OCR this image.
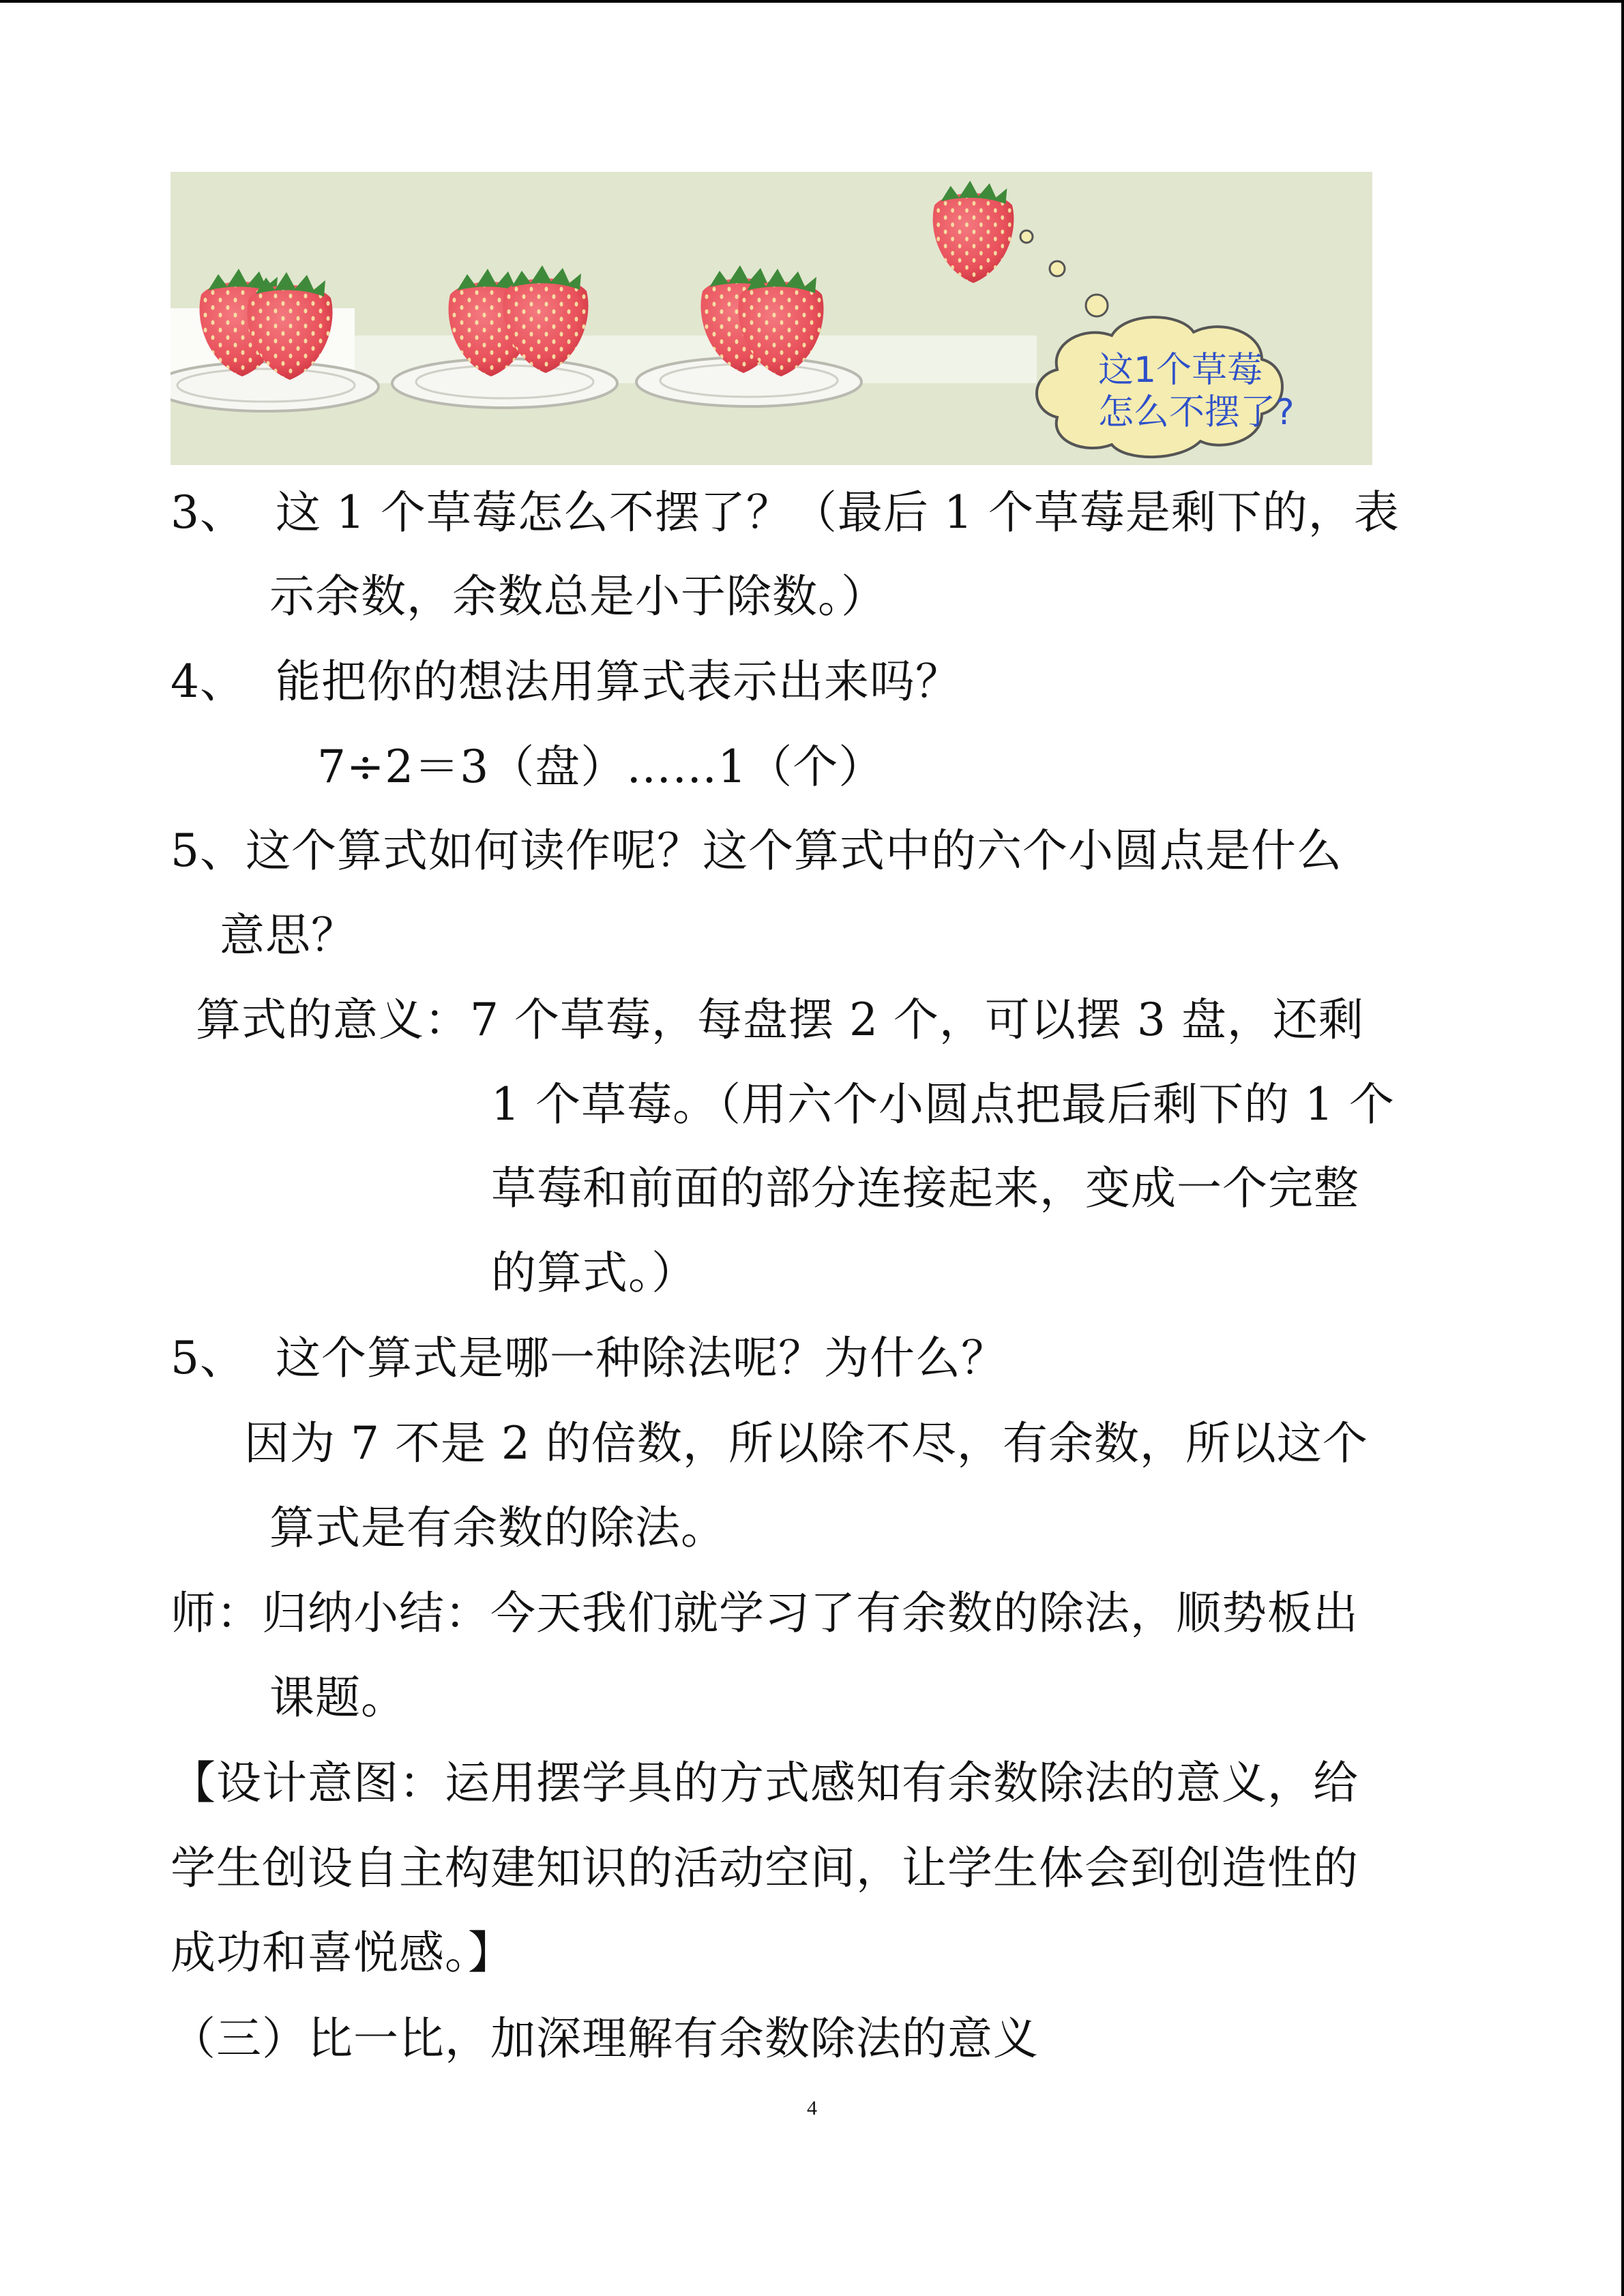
这1个草莓
怎么不摆了?
3、  这 1 个草莓怎么不摆了？（最后 1 个草莓是剩下的，表
示余数，余数总是小于除数。）
4、  能把你的想法用算式表示出来吗？
7÷2＝3（盘）……1（个）
5、这个算式如何读作呢？这个算式中的六个小圆点是什么
意思？
算式的意义：7 个草莓，每盘摆 2 个，可以摆 3 盘，还剩
1 个草莓。（用六个小圆点把最后剩下的 1 个
草莓和前面的部分连接起来，变成一个完整
的算式。）
5、  这个算式是哪一种除法呢？为什么？
因为 7 不是 2 的倍数，所以除不尽，有余数，所以这个
算式是有余数的除法。
师：归纳小结：今天我们就学习了有余数的除法，顺势板出
课题。
【设计意图：运用摆学具的方式感知有余数除法的意义，给
学生创设自主构建知识的活动空间，让学生体会到创造性的
成功和喜悦感。】
（三）比一比，加深理解有余数除法的意义
4
